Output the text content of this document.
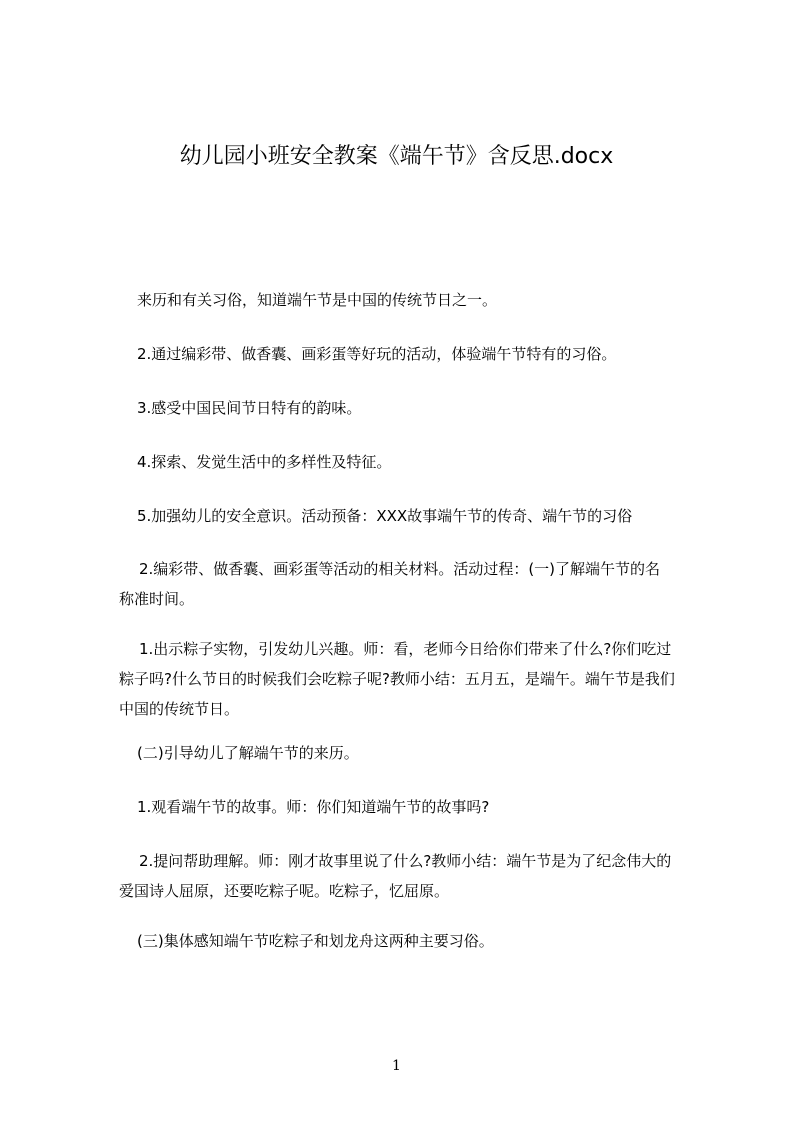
幼儿园小班安全教案《端午节》含反思.docx
来历和有关习俗，知道端午节是中国的传统节日之一。
2.通过编彩带、做香囊、画彩蛋等好玩的活动，体验端午节特有的习俗。
3.感受中国民间节日特有的韵味。
4.探索、发觉生活中的多样性及特征。
5.加强幼儿的安全意识。活动预备：XXX故事端午节的传奇、端午节的习俗
2.编彩带、做香囊、画彩蛋等活动的相关材料。活动过程：(一)了解端午节的名
称准时间。
1.出示粽子实物，引发幼儿兴趣。师：看，老师今日给你们带来了什么?你们吃过
粽子吗?什么节日的时候我们会吃粽子呢?教师小结：五月五，是端午。端午节是我们
中国的传统节日。
(二)引导幼儿了解端午节的来历。
1.观看端午节的故事。师：你们知道端午节的故事吗?
2.提问帮助理解。师：刚才故事里说了什么?教师小结：端午节是为了纪念伟大的
爱国诗人屈原，还要吃粽子呢。吃粽子，忆屈原。
(三)集体感知端午节吃粽子和划龙舟这两种主要习俗。
1
